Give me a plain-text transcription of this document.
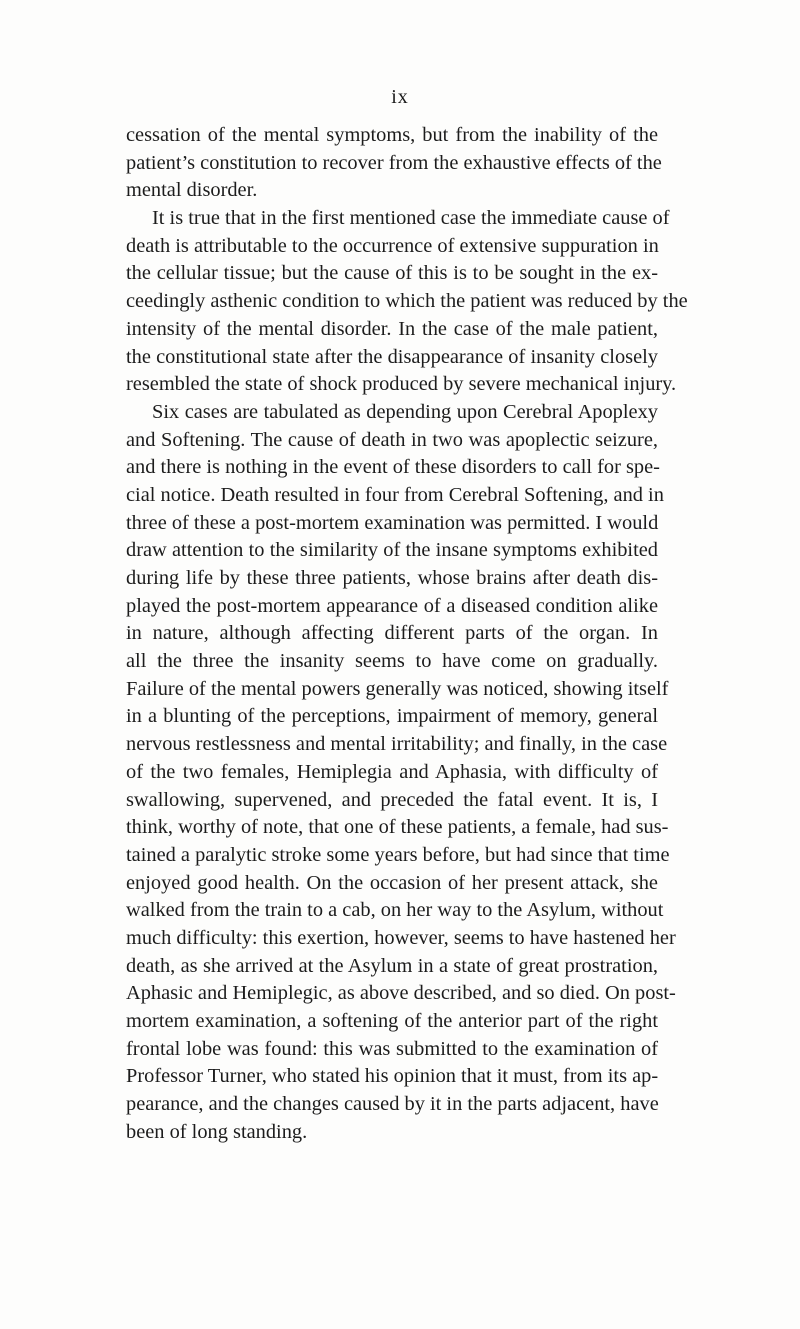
ix
cessation of the mental symptoms, but from the inability of the
patient’s constitution to recover from the exhaustive effects of the
mental disorder.
It is true that in the first mentioned case the immediate cause of
death is attributable to the occurrence of extensive suppuration in
the cellular tissue; but the cause of this is to be sought in the ex-
ceedingly asthenic condition to which the patient was reduced by the
intensity of the mental disorder. In the case of the male patient,
the constitutional state after the disappearance of insanity closely
resembled the state of shock produced by severe mechanical injury.
Six cases are tabulated as depending upon Cerebral Apoplexy
and Softening. The cause of death in two was apoplectic seizure,
and there is nothing in the event of these disorders to call for spe-
cial notice. Death resulted in four from Cerebral Softening, and in
three of these a post-mortem examination was permitted. I would
draw attention to the similarity of the insane symptoms exhibited
during life by these three patients, whose brains after death dis-
played the post-mortem appearance of a diseased condition alike
in nature, although affecting different parts of the organ. In
all the three the insanity seems to have come on gradually.
Failure of the mental powers generally was noticed, showing itself
in a blunting of the perceptions, impairment of memory, general
nervous restlessness and mental irritability; and finally, in the case
of the two females, Hemiplegia and Aphasia, with difficulty of
swallowing, supervened, and preceded the fatal event. It is, I
think, worthy of note, that one of these patients, a female, had sus-
tained a paralytic stroke some years before, but had since that time
enjoyed good health. On the occasion of her present attack, she
walked from the train to a cab, on her way to the Asylum, without
much difficulty: this exertion, however, seems to have hastened her
death, as she arrived at the Asylum in a state of great prostration,
Aphasic and Hemiplegic, as above described, and so died. On post-
mortem examination, a softening of the anterior part of the right
frontal lobe was found: this was submitted to the examination of
Professor Turner, who stated his opinion that it must, from its ap-
pearance, and the changes caused by it in the parts adjacent, have
been of long standing.
